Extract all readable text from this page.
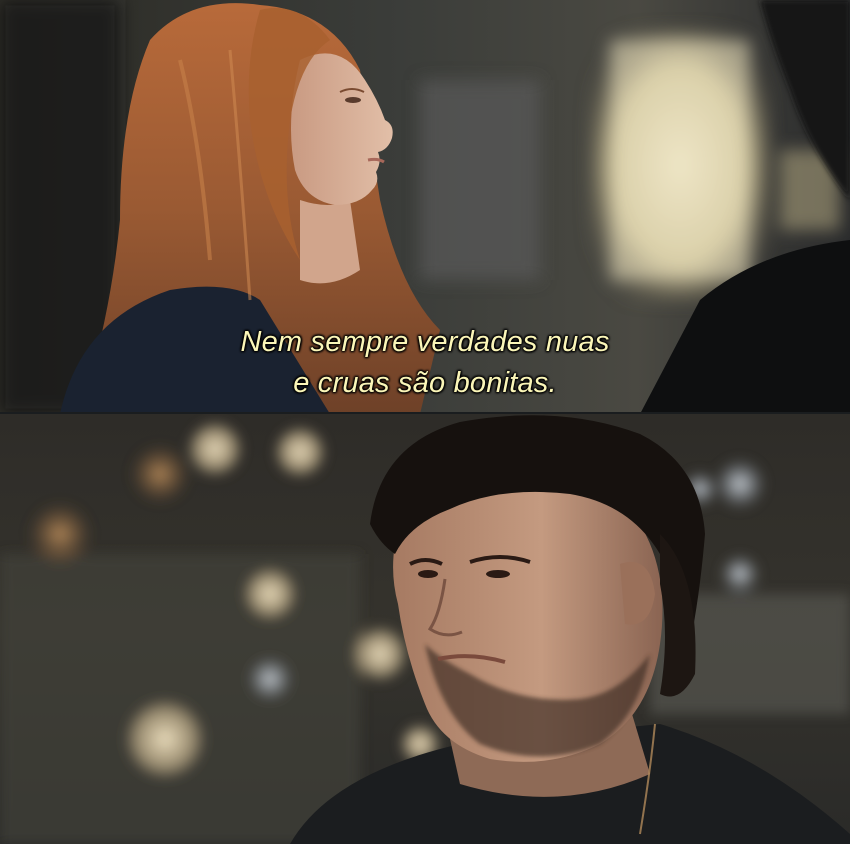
Nem sempre verdades nuas
e cruas são bonitas.
